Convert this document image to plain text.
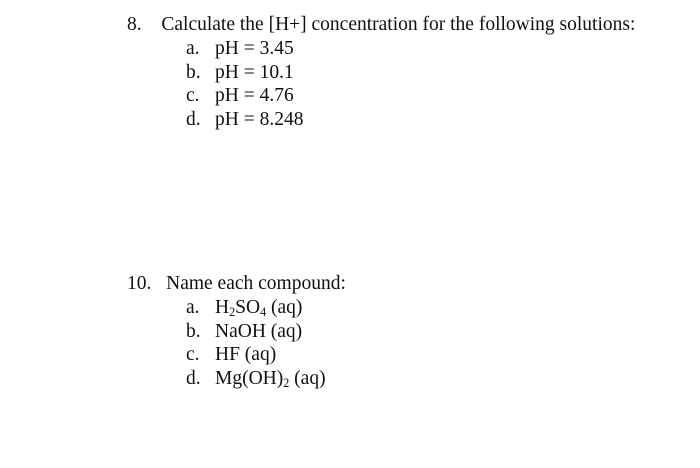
8. Calculate the [H+] concentration for the following solutions:
a. pH = 3.45
b. pH = 10.1
c. pH = 4.76
d. pH = 8.248
10. Name each compound:
a. $H_2SO_4$ (aq)
b. NaOH (aq)
c. HF (aq)
d. $Mg(OH)_2$ (aq)
